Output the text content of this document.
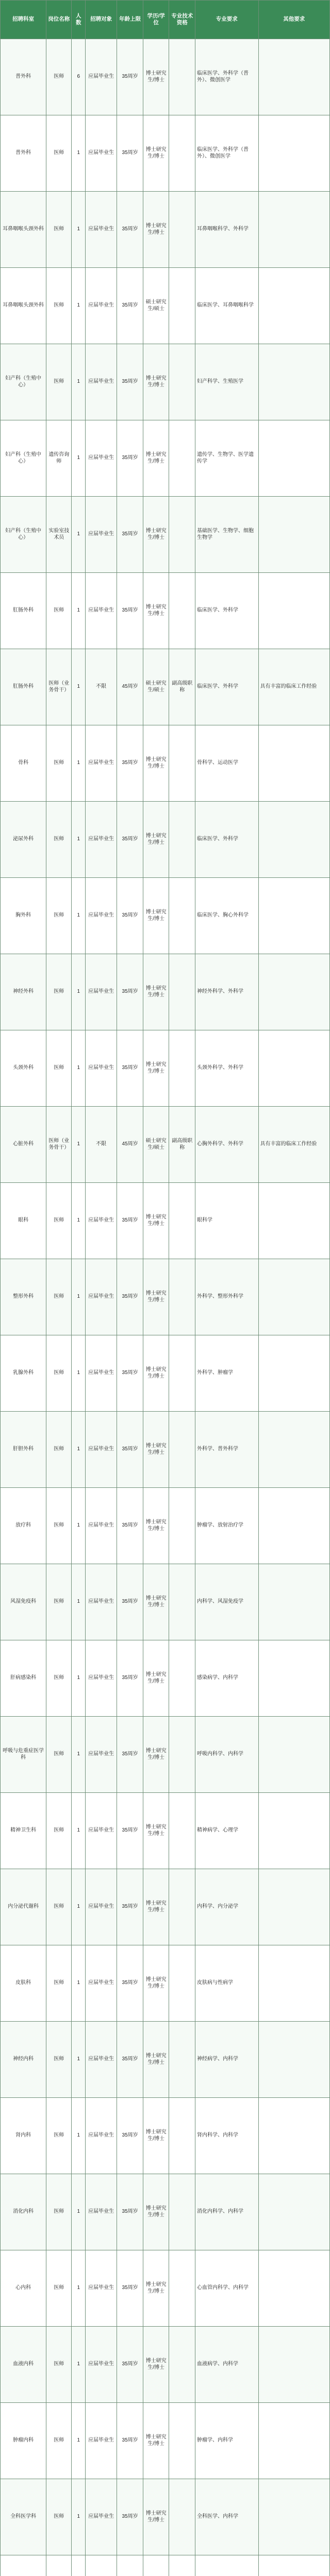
招聘科室	岗位名称	人数	招聘对象	年龄上限	学历/学位	专业技术资格	专业要求	其他要求
普外科	医师	6	应届毕业生	35周岁	博士研究生/博士		临床医学、外科学（普外）、微创医学	
普外科	医师	1	应届毕业生	35周岁	博士研究生/博士		临床医学、外科学（普外）、微创医学	
耳鼻咽喉头颈外科	医师	1	应届毕业生	35周岁	博士研究生/博士		耳鼻咽喉科学、外科学	
耳鼻咽喉头颈外科	医师	1	应届毕业生	35周岁	硕士研究生/硕士		临床医学、耳鼻咽喉科学	
妇产科（生殖中心）	医师	1	应届毕业生	35周岁	博士研究生/博士		妇产科学、生殖医学	
妇产科（生殖中心）	遗传咨询师	1	应届毕业生	35周岁	博士研究生/博士		遗传学、生物学、医学遗传学	
妇产科（生殖中心）	实验室技术员	1	应届毕业生	35周岁	博士研究生/博士		基础医学、生物学、细胞生物学	
肛肠外科	医师	1	应届毕业生	35周岁	博士研究生/博士		临床医学、外科学	
肛肠外科	医师（业务骨干）	1	不限	45周岁	硕士研究生/硕士	副高级职称	临床医学、外科学	具有丰富的临床工作经验
骨科	医师	1	应届毕业生	35周岁	博士研究生/博士		骨科学、运动医学	
泌尿外科	医师	1	应届毕业生	35周岁	博士研究生/博士		临床医学、外科学	
胸外科	医师	1	应届毕业生	35周岁	博士研究生/博士		临床医学、胸心外科学	
神经外科	医师	1	应届毕业生	35周岁	博士研究生/博士		神经外科学、外科学	
头颈外科	医师	1	应届毕业生	35周岁	博士研究生/博士		头颈外科学、外科学	
心脏外科	医师（业务骨干）	1	不限	45周岁	硕士研究生/硕士	副高级职称	心胸外科学、外科学	具有丰富的临床工作经验
眼科	医师	1	应届毕业生	35周岁	博士研究生/博士		眼科学	
整形外科	医师	1	应届毕业生	35周岁	博士研究生/博士		外科学、整形外科学	
乳腺外科	医师	1	应届毕业生	35周岁	博士研究生/博士		外科学、肿瘤学	
肝胆外科	医师	1	应届毕业生	35周岁	博士研究生/博士		外科学、普外科学	
放疗科	医师	1	应届毕业生	35周岁	博士研究生/博士		肿瘤学、放射治疗学	
风湿免疫科	医师	1	应届毕业生	35周岁	博士研究生/博士		内科学、风湿免疫学	
肝病感染科	医师	1	应届毕业生	35周岁	博士研究生/博士		感染病学、内科学	
呼吸与危重症医学科	医师	1	应届毕业生	35周岁	博士研究生/博士		呼吸内科学、内科学	
精神卫生科	医师	1	应届毕业生	35周岁	博士研究生/博士		精神病学、心理学	
内分泌代谢科	医师	1	应届毕业生	35周岁	博士研究生/博士		内科学、内分泌学	
皮肤科	医师	1	应届毕业生	35周岁	博士研究生/博士		皮肤病与性病学	
神经内科	医师	1	应届毕业生	35周岁	博士研究生/博士		神经病学、内科学	
肾内科	医师	1	应届毕业生	35周岁	博士研究生/博士		肾内科学、内科学	
消化内科	医师	1	应届毕业生	35周岁	博士研究生/博士		消化内科学、内科学	
心内科	医师	1	应届毕业生	35周岁	博士研究生/博士		心血管内科学、内科学	
血液内科	医师	1	应届毕业生	35周岁	博士研究生/博士		血液病学、内科学	
肿瘤内科	医师	1	应届毕业生	35周岁	博士研究生/博士		肿瘤学、内科学	
全科医学科	医师	1	应届毕业生	35周岁	博士研究生/博士		全科医学、内科学	
